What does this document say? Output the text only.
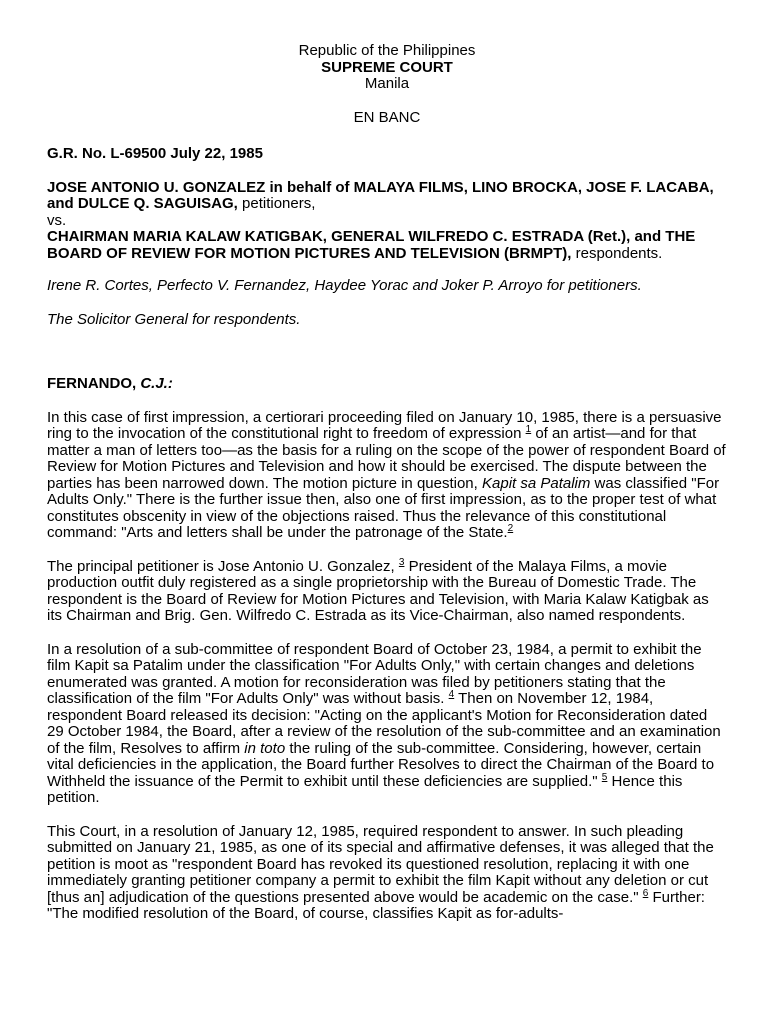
Republic of the Philippines
SUPREME COURT
Manila

EN BANC

G.R. No. L-69500 July 22, 1985

JOSE ANTONIO U. GONZALEZ in behalf of MALAYA FILMS, LINO BROCKA, JOSE F. LACABA, and DULCE Q. SAGUISAG, petitioners,

vs.

CHAIRMAN MARIA KALAW KATIGBAK, GENERAL WILFREDO C. ESTRADA (Ret.), and THE BOARD OF REVIEW FOR MOTION PICTURES AND TELEVISION (BRMPT), respondents.

Irene R. Cortes, Perfecto V. Fernandez, Haydee Yorac and Joker P. Arroyo for petitioners.

The Solicitor General for respondents.

FERNANDO, C.J.:

In this case of first impression, a certiorari proceeding filed on January 10, 1985, there is a persuasive ring to the invocation of the constitutional right to freedom of expression $^1$ of an artist—and for that matter a man of letters too—as the basis for a ruling on the scope of the power of respondent Board of Review for Motion Pictures and Television and how it should be exercised. The dispute between the parties has been narrowed down. The motion picture in question, Kapit sa Patalim was classified "For Adults Only." There is the further issue then, also one of first impression, as to the proper test of what constitutes obscenity in view of the objections raised. Thus the relevance of this constitutional command: "Arts and letters shall be under the patronage of the State.$^2$

The principal petitioner is Jose Antonio U. Gonzalez, $^3$ President of the Malaya Films, a movie production outfit duly registered as a single proprietorship with the Bureau of Domestic Trade. The respondent is the Board of Review for Motion Pictures and Television, with Maria Kalaw Katigbak as its Chairman and Brig. Gen. Wilfredo C. Estrada as its Vice-Chairman, also named respondents.

In a resolution of a sub-committee of respondent Board of October 23, 1984, a permit to exhibit the film Kapit sa Patalim under the classification "For Adults Only," with certain changes and deletions enumerated was granted. A motion for reconsideration was filed by petitioners stating that the classification of the film "For Adults Only" was without basis. $^4$ Then on November 12, 1984, respondent Board released its decision: "Acting on the applicant's Motion for Reconsideration dated 29 October 1984, the Board, after a review of the resolution of the sub-committee and an examination of the film, Resolves to affirm in toto the ruling of the sub-committee. Considering, however, certain vital deficiencies in the application, the Board further Resolves to direct the Chairman of the Board to Withheld the issuance of the Permit to exhibit until these deficiencies are supplied." $^5$ Hence this petition.

This Court, in a resolution of January 12, 1985, required respondent to answer. In such pleading submitted on January 21, 1985, as one of its special and affirmative defenses, it was alleged that the petition is moot as "respondent Board has revoked its questioned resolution, replacing it with one immediately granting petitioner company a permit to exhibit the film Kapit without any deletion or cut [thus an] adjudication of the questions presented above would be academic on the case." $^6$ Further: "The modified resolution of the Board, of course, classifies Kapit as for-adults-
